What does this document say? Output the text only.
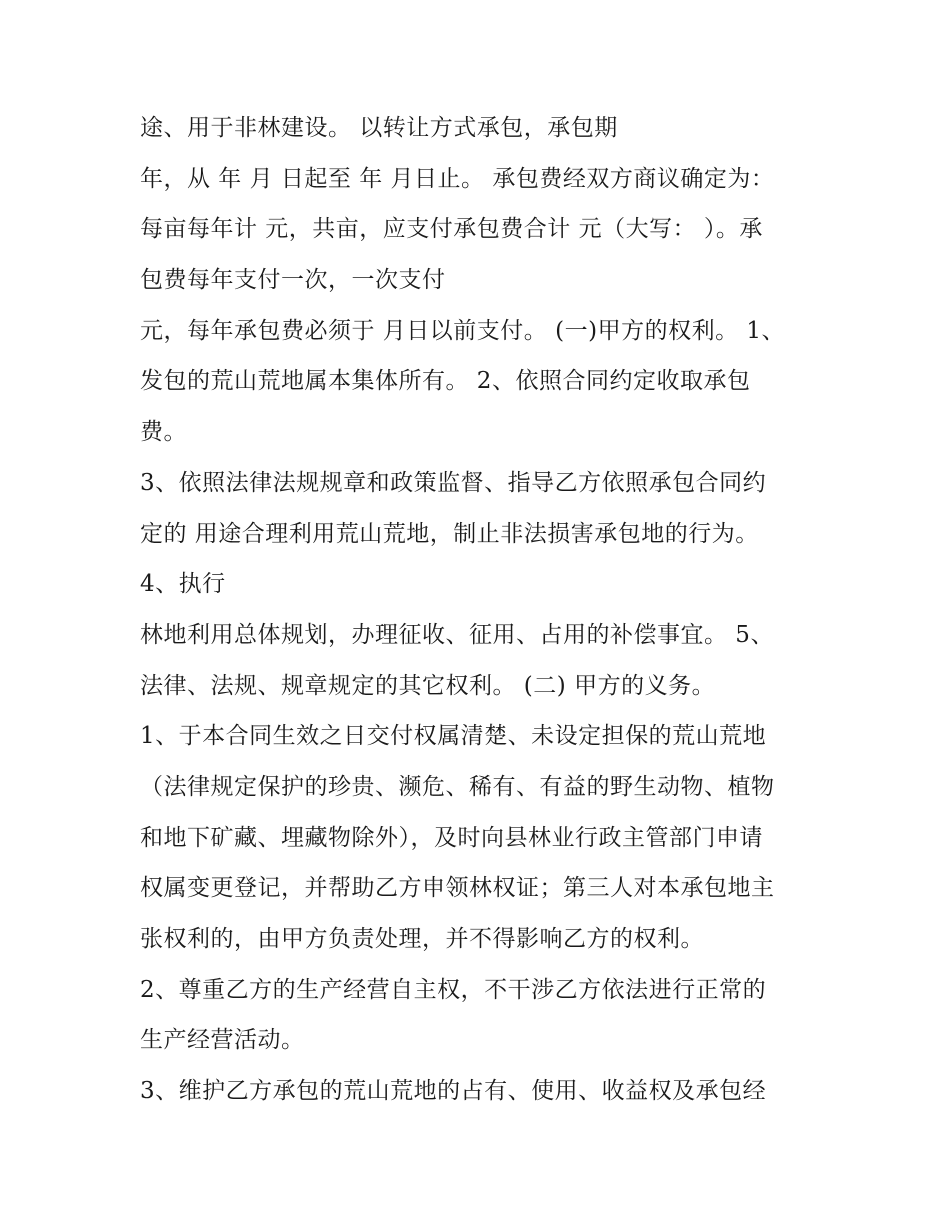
途、用于非林建设。 以转让方式承包，承包期

年，从 年 月 日起至 年 月日止。 承包费经双方商议确定为：

每亩每年计 元，共亩，应支付承包费合计 元（大写： ）。承

包费每年支付一次，一次支付

元，每年承包费必须于 月日以前支付。 (一)甲方的权利。 1、

发包的荒山荒地属本集体所有。 2、依照合同约定收取承包

费。

3、依照法律法规规章和政策监督、指导乙方依照承包合同约

定的 用途合理利用荒山荒地，制止非法损害承包地的行为。

4、执行

林地利用总体规划，办理征收、征用、占用的补偿事宜。 5、

法律、法规、规章规定的其它权利。 (二) 甲方的义务。

1、于本合同生效之日交付权属清楚、未设定担保的荒山荒地

（法律规定保护的珍贵、濒危、稀有、有益的野生动物、植物

和地下矿藏、埋藏物除外），及时向县林业行政主管部门申请

权属变更登记，并帮助乙方申领林权证；第三人对本承包地主

张权利的，由甲方负责处理，并不得影响乙方的权利。

2、尊重乙方的生产经营自主权，不干涉乙方依法进行正常的

生产经营活动。

3、维护乙方承包的荒山荒地的占有、使用、收益权及承包经
